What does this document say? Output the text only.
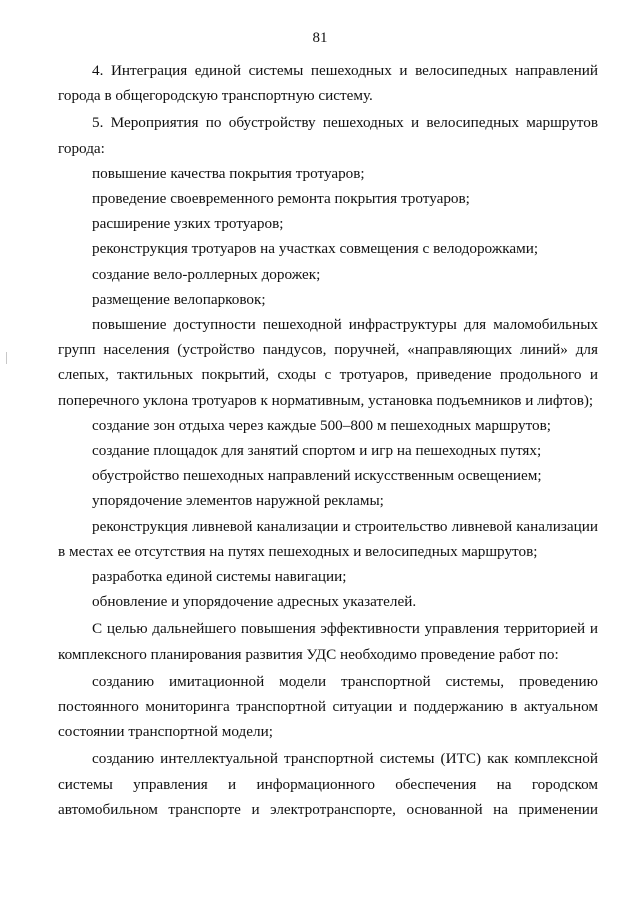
81

4. Интеграция единой системы пешеходных и велосипедных направлений города в общегородскую транспортную систему.

5. Мероприятия по обустройству пешеходных и велосипедных маршрутов города:

повышение качества покрытия тротуаров;

проведение своевременного ремонта покрытия тротуаров;

расширение узких тротуаров;

реконструкция тротуаров на участках совмещения с велодорожками;

создание вело-роллерных дорожек;

размещение велопарковок;

повышение доступности пешеходной инфраструктуры для маломобильных групп населения (устройство пандусов, поручней, «направляющих линий» для слепых, тактильных покрытий, сходы с тротуаров, приведение продольного и поперечного уклона тротуаров к нормативным, установка подъемников и лифтов);

создание зон отдыха через каждые 500–800 м пешеходных маршрутов;

создание площадок для занятий спортом и игр на пешеходных путях;

обустройство пешеходных направлений искусственным освещением;

упорядочение элементов наружной рекламы;

реконструкция ливневой канализации и строительство ливневой канализации в местах ее отсутствия на путях пешеходных и велосипедных маршрутов;

разработка единой системы навигации;

обновление и упорядочение адресных указателей.

С целью дальнейшего повышения эффективности управления территорией и комплексного планирования развития УДС необходимо проведение работ по:

созданию имитационной модели транспортной системы, проведению постоянного мониторинга транспортной ситуации и поддержанию в актуальном состоянии транспортной модели;

созданию интеллектуальной транспортной системы (ИТС) как комплексной системы управления и информационного обеспечения на городском автомобильном транспорте и электротранспорте, основанной на применении
